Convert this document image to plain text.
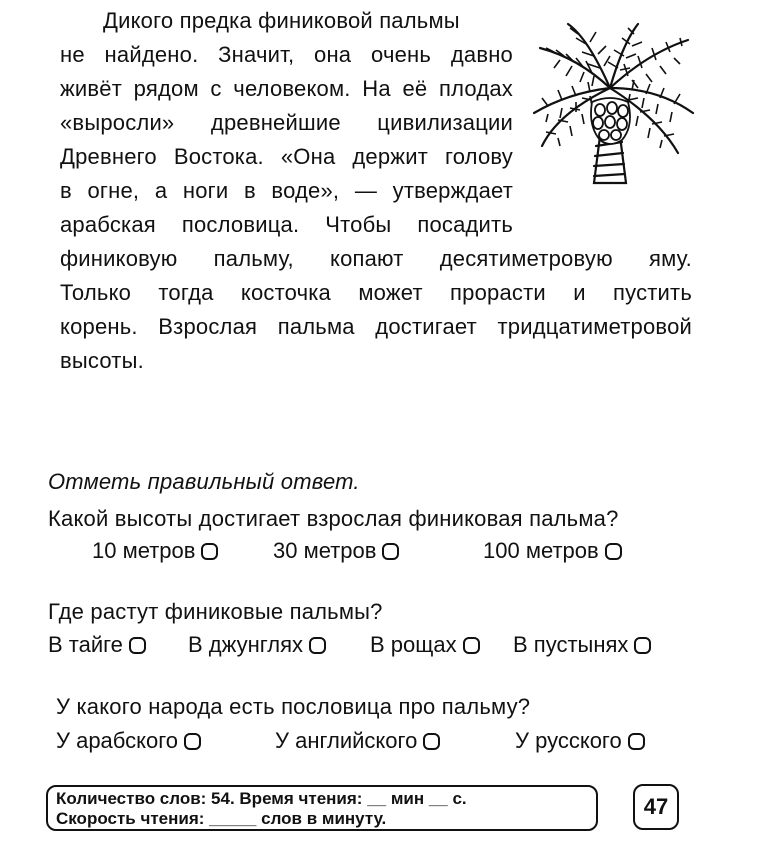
Дикого предка финиковой пальмы
не найдено. Значит, она очень давно
живёт рядом с человеком. На её плодах
«выросли» древнейшие цивилизации
Древнего Востока. «Она держит голову
в огне, а ноги в воде», — утверждает
арабская пословица. Чтобы посадить
финиковую пальму, копают десятиметровую яму.
Только тогда косточка может прорасти и пустить
корень. Взрослая пальма достигает тридцатиметровой
высоты.
Отметь правильный ответ.
Какой высоты достигает взрослая финиковая пальма?
10 метров	30 метров	100 метров
Где растут финиковые пальмы?
В тайге	В джунглях	В рощах	В пустынях
У какого народа есть пословица про пальму?
У арабского	У английского	У русского
Количество слов: 54. Время чтения: __ мин __ с.
Скорость чтения: _____ слов в минуту.	47
